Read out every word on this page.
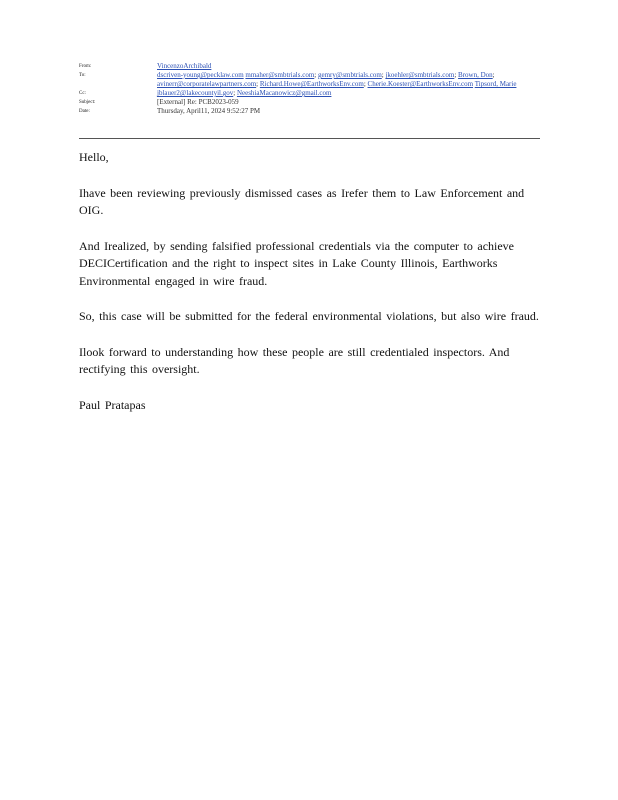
From:	VincenzoArchibald
To:	dscriven-young@pecklaw.com mmaher@smbtrials.com; gemry@smbtrials.com; jkoehler@smbtrials.com; Brown, Don; avinerr@corporatelawpartners.com; Richard.Howe@EarthworksEnv.com; Cherie.Koester@EarthworksEnv.com Tipsord, Marie
Cc:	jblauer2@lakecountyil.gov; NeeshiaMacanowicz@gmail.com
Subject:	[External] Re: PCB2023-059
Date:	Thursday, April11, 2024 9:52:27 PM

Hello,

Ihave been reviewing previously dismissed cases as Irefer them to Law Enforcement and OIG.

And Irealized, by sending falsified professional credentials via the computer to achieve DECICertification and the right to inspect sites in Lake County Illinois, Earthworks Environmental engaged in wire fraud.

So, this case will be submitted for the federal environmental violations, but also wire fraud.

Ilook forward to understanding how these people are still credentialed inspectors. And rectifying this oversight.

Paul Pratapas
